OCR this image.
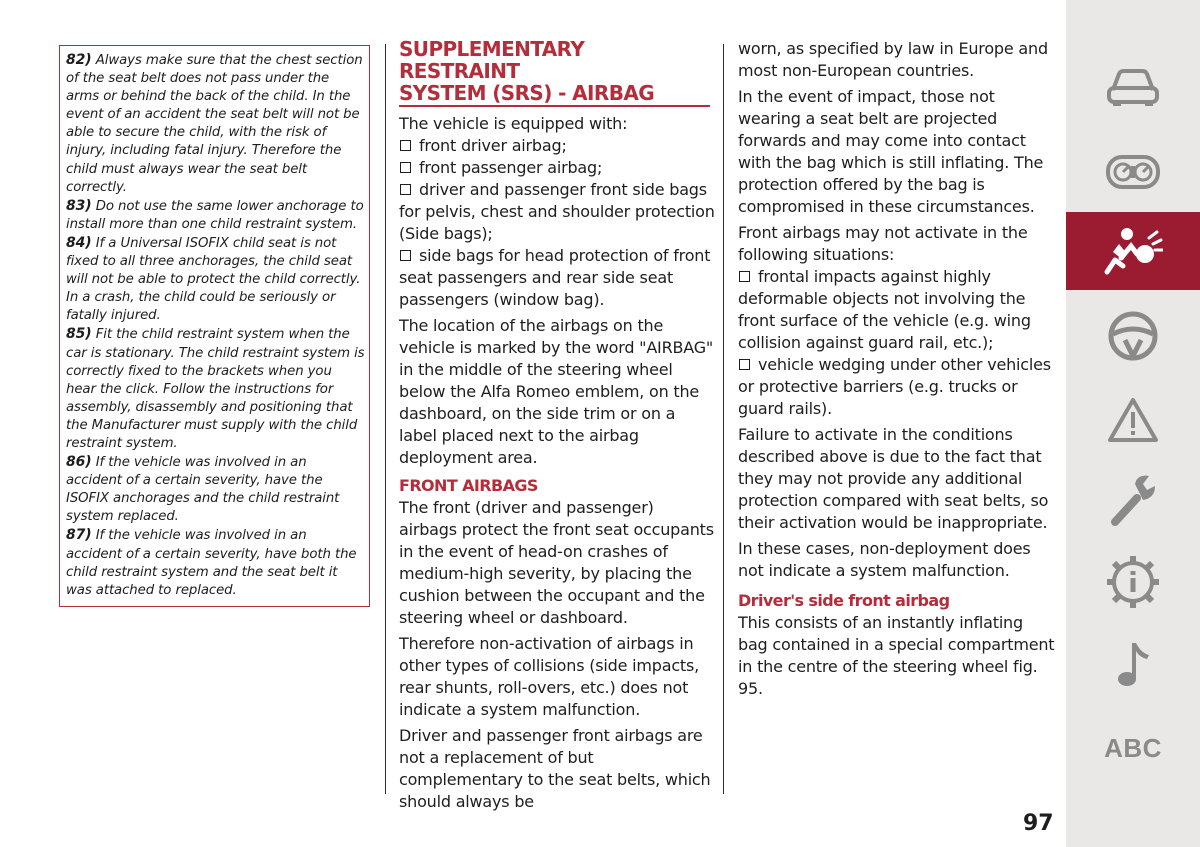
82) Always make sure that the chest section of the seat belt does not pass under the arms or behind the back of the child. In the event of an accident the seat belt will not be able to secure the child, with the risk of injury, including fatal injury. Therefore the child must always wear the seat belt correctly.
83) Do not use the same lower anchorage to install more than one child restraint system.
84) If a Universal ISOFIX child seat is not fixed to all three anchorages, the child seat will not be able to protect the child correctly. In a crash, the child could be seriously or fatally injured.
85) Fit the child restraint system when the car is stationary. The child restraint system is correctly fixed to the brackets when you hear the click. Follow the instructions for assembly, disassembly and positioning that the Manufacturer must supply with the child restraint system.
86) If the vehicle was involved in an accident of a certain severity, have the ISOFIX anchorages and the child restraint system replaced.
87) If the vehicle was involved in an accident of a certain severity, have both the child restraint system and the seat belt it was attached to replaced.
SUPPLEMENTARY RESTRAINT
SYSTEM (SRS) - AIRBAG

The vehicle is equipped with:

front driver airbag;

front passenger airbag;

driver and passenger front side bags for pelvis, chest and shoulder protection (Side bags);

side bags for head protection of front seat passengers and rear side seat passengers (window bag).

The location of the airbags on the vehicle is marked by the word "AIRBAG" in the middle of the steering wheel below the Alfa Romeo emblem, on the dashboard, on the side trim or on a label placed next to the airbag deployment area.

FRONT AIRBAGS

The front (driver and passenger) airbags protect the front seat occupants in the event of head-on crashes of medium-high severity, by placing the cushion between the occupant and the steering wheel or dashboard.

Therefore non-activation of airbags in other types of collisions (side impacts, rear shunts, roll-overs, etc.) does not indicate a system malfunction.

Driver and passenger front airbags are not a replacement of but complementary to the seat belts, which should always be

worn, as specified by law in Europe and most non-European countries.

In the event of impact, those not wearing a seat belt are projected forwards and may come into contact with the bag which is still inflating. The protection offered by the bag is compromised in these circumstances.

Front airbags may not activate in the following situations:

frontal impacts against highly deformable objects not involving the front surface of the vehicle (e.g. wing collision against guard rail, etc.);

vehicle wedging under other vehicles or protective barriers (e.g. trucks or guard rails).

Failure to activate in the conditions described above is due to the fact that they may not provide any additional protection compared with seat belts, so their activation would be inappropriate.

In these cases, non-deployment does not indicate a system malfunction.

Driver's side front airbag

This consists of an instantly inflating bag contained in a special compartment in the centre of the steering wheel fig. 95.

ABC
97
